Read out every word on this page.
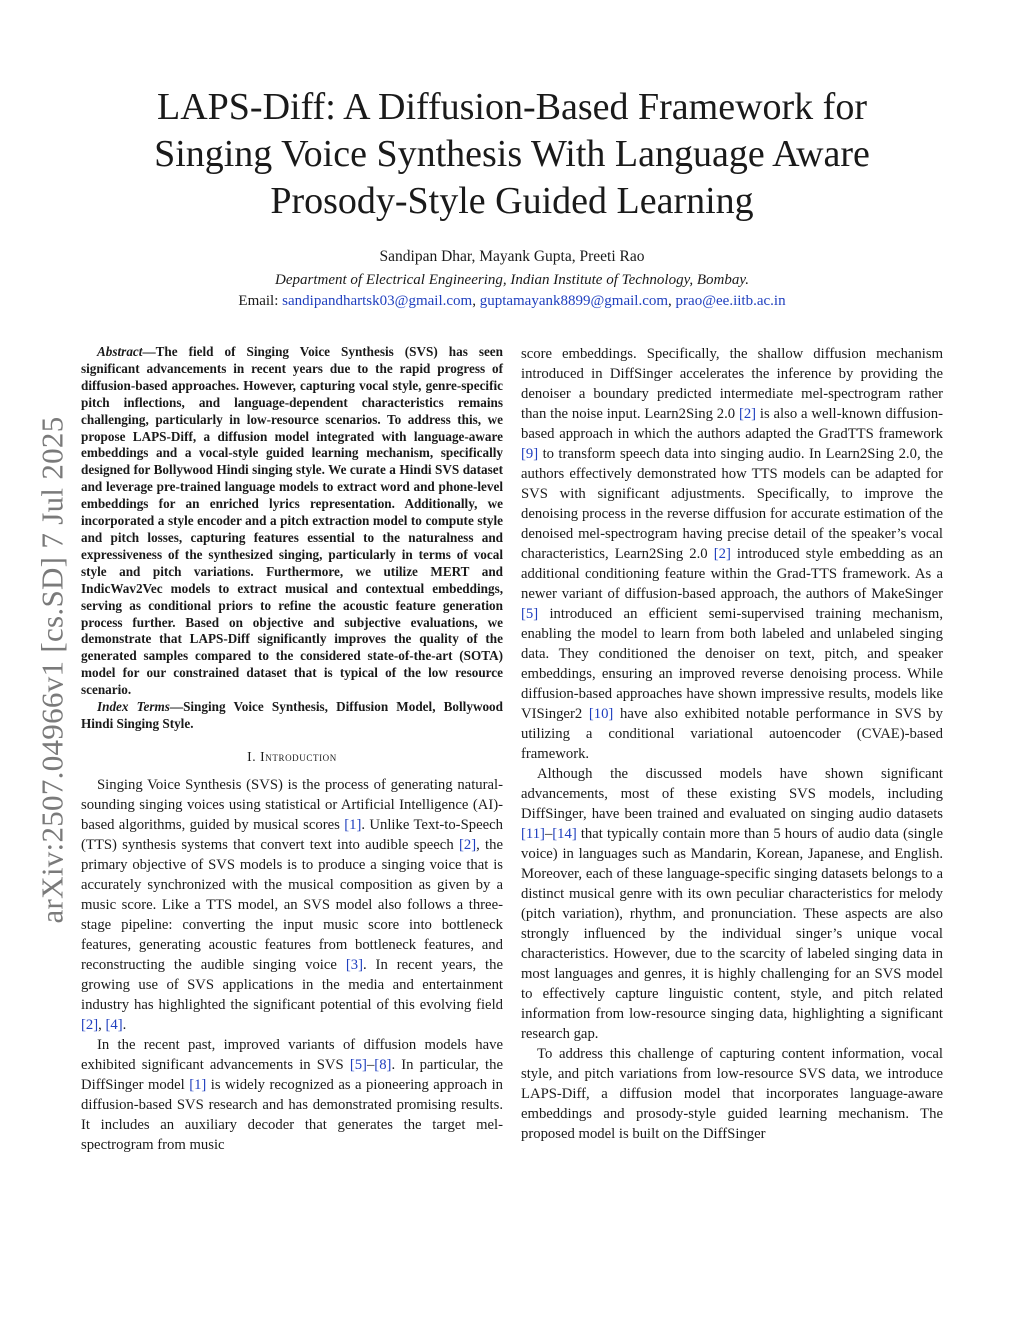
arXiv:2507.04966v1 [cs.SD] 7 Jul 2025
LAPS-Diff: A Diffusion-Based Framework for
Singing Voice Synthesis With Language Aware
Prosody-Style Guided Learning
Sandipan Dhar, Mayank Gupta, Preeti Rao
Department of Electrical Engineering, Indian Institute of Technology, Bombay.
Email: sandipandhartsk03@gmail.com, guptamayank8899@gmail.com, prao@ee.iitb.ac.in

Abstract—The field of Singing Voice Synthesis (SVS) has seen significant advancements in recent years due to the rapid progress of diffusion-based approaches. However, capturing vocal style, genre-specific pitch inflections, and language-dependent characteristics remains challenging, particularly in low-resource scenarios. To address this, we propose LAPS-Diff, a diffusion model integrated with language-aware embeddings and a vocal-style guided learning mechanism, specifically designed for Bollywood Hindi singing style. We curate a Hindi SVS dataset and leverage pre-trained language models to extract word and phone-level embeddings for an enriched lyrics representation. Additionally, we incorporated a style encoder and a pitch extraction model to compute style and pitch losses, capturing features essential to the naturalness and expressiveness of the synthesized singing, particularly in terms of vocal style and pitch variations. Furthermore, we utilize MERT and IndicWav2Vec models to extract musical and contextual embeddings, serving as conditional priors to refine the acoustic feature generation process further. Based on objective and subjective evaluations, we demonstrate that LAPS-Diff significantly improves the quality of the generated samples compared to the considered state-of-the-art (SOTA) model for our constrained dataset that is typical of the low resource scenario.

Index Terms—Singing Voice Synthesis, Diffusion Model, Bollywood Hindi Singing Style.

I. Introduction

Singing Voice Synthesis (SVS) is the process of generating natural-sounding singing voices using statistical or Artificial Intelligence (AI)-based algorithms, guided by musical scores [1]. Unlike Text-to-Speech (TTS) synthesis systems that convert text into audible speech [2], the primary objective of SVS models is to produce a singing voice that is accurately synchronized with the musical composition as given by a music score. Like a TTS model, an SVS model also follows a three-stage pipeline: converting the input music score into bottleneck features, generating acoustic features from bottleneck features, and reconstructing the audible singing voice [3]. In recent years, the growing use of SVS applications in the media and entertainment industry has highlighted the significant potential of this evolving field [2], [4].

In the recent past, improved variants of diffusion models have exhibited significant advancements in SVS [5]–[8]. In particular, the DiffSinger model [1] is widely recognized as a pioneering approach in diffusion-based SVS research and has demonstrated promising results. It includes an auxiliary decoder that generates the target mel-spectrogram from music

score embeddings. Specifically, the shallow diffusion mechanism introduced in DiffSinger accelerates the inference by providing the denoiser a boundary predicted intermediate mel-spectrogram rather than the noise input. Learn2Sing 2.0 [2] is also a well-known diffusion-based approach in which the authors adapted the GradTTS framework [9] to transform speech data into singing audio. In Learn2Sing 2.0, the authors effectively demonstrated how TTS models can be adapted for SVS with significant adjustments. Specifically, to improve the denoising process in the reverse diffusion for accurate estimation of the denoised mel-spectrogram having precise detail of the speaker’s vocal characteristics, Learn2Sing 2.0 [2] introduced style embedding as an additional conditioning feature within the Grad-TTS framework. As a newer variant of diffusion-based approach, the authors of MakeSinger [5] introduced an efficient semi-supervised training mechanism, enabling the model to learn from both labeled and unlabeled singing data. They conditioned the denoiser on text, pitch, and speaker embeddings, ensuring an improved reverse denoising process. While diffusion-based approaches have shown impressive results, models like VISinger2 [10] have also exhibited notable performance in SVS by utilizing a conditional variational autoencoder (CVAE)-based framework.

Although the discussed models have shown significant advancements, most of these existing SVS models, including DiffSinger, have been trained and evaluated on singing audio datasets [11]–[14] that typically contain more than 5 hours of audio data (single voice) in languages such as Mandarin, Korean, Japanese, and English. Moreover, each of these language-specific singing datasets belongs to a distinct musical genre with its own peculiar characteristics for melody (pitch variation), rhythm, and pronunciation. These aspects are also strongly influenced by the individual singer’s unique vocal characteristics. However, due to the scarcity of labeled singing data in most languages and genres, it is highly challenging for an SVS model to effectively capture linguistic content, style, and pitch related information from low-resource singing data, highlighting a significant research gap.

To address this challenge of capturing content information, vocal style, and pitch variations from low-resource SVS data, we introduce LAPS-Diff, a diffusion model that incorporates language-aware embeddings and prosody-style guided learning mechanism. The proposed model is built on the DiffSinger
